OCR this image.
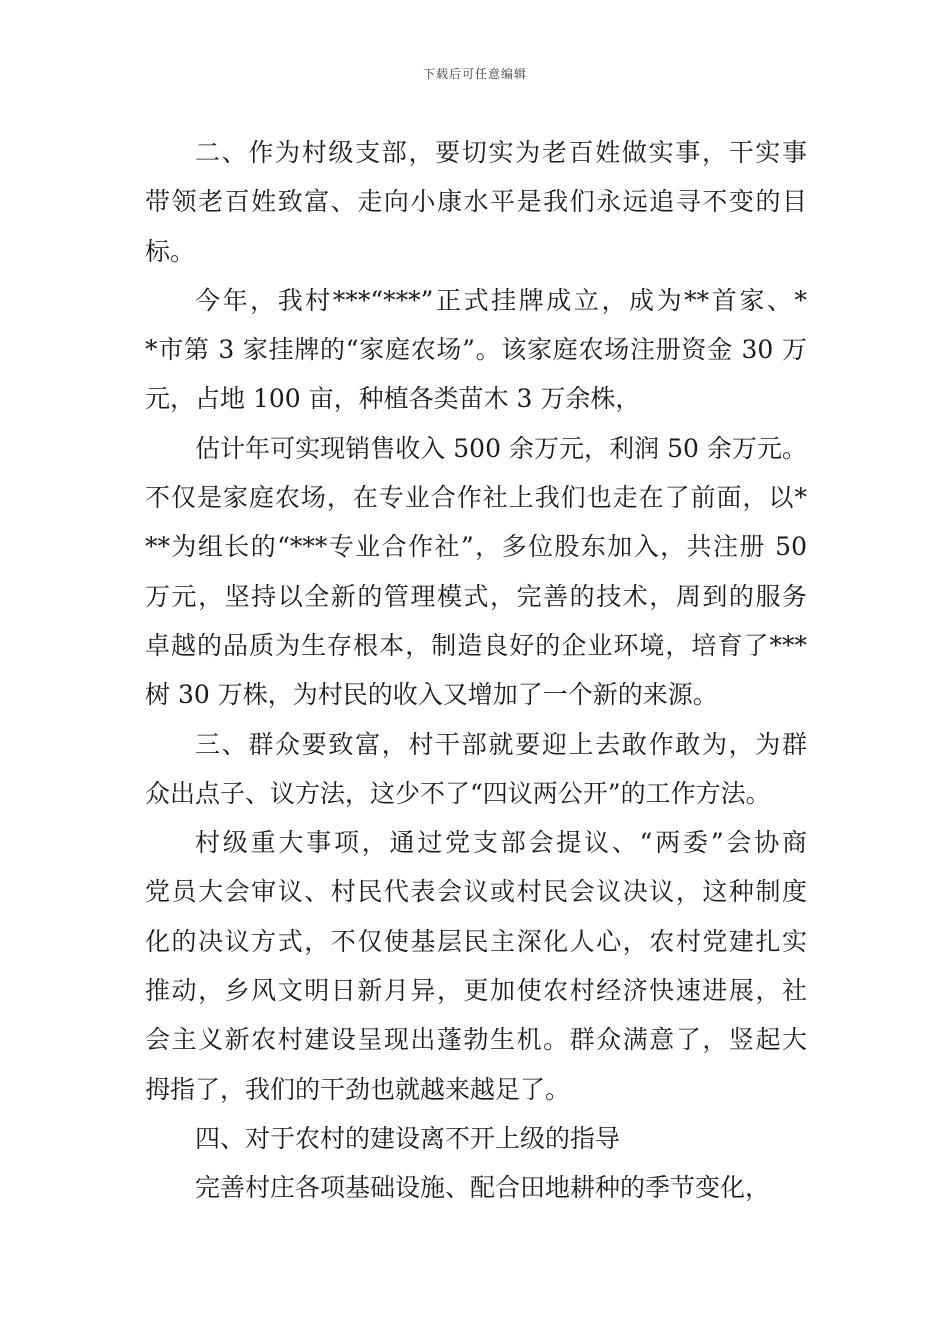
下载后可任意编辑
二、作为村级支部，要切实为老百姓做实事，干实事
带领老百姓致富、走向小康水平是我们永远追寻不变的目
标。
今年，我村***“***”正式挂牌成立，成为**首家、*
*市第 3 家挂牌的“家庭农场”。该家庭农场注册资金 30 万
元，占地 100 亩，种植各类苗木 3 万余株，
估计年可实现销售收入 500 余万元，利润 50 余万元。
不仅是家庭农场，在专业合作社上我们也走在了前面，以*
**为组长的“***专业合作社”，多位股东加入，共注册 50
万元，坚持以全新的管理模式，完善的技术，周到的服务
卓越的品质为生存根本，制造良好的企业环境，培育了***
树 30 万株，为村民的收入又增加了一个新的来源。
三、群众要致富，村干部就要迎上去敢作敢为，为群
众出点子、议方法，这少不了“四议两公开”的工作方法。
村级重大事项，通过党支部会提议、“两委”会协商
党员大会审议、村民代表会议或村民会议决议，这种制度
化的决议方式，不仅使基层民主深化人心，农村党建扎实
推动，乡风文明日新月异，更加使农村经济快速进展，社
会主义新农村建设呈现出蓬勃生机。群众满意了，竖起大
拇指了，我们的干劲也就越来越足了。
四、对于农村的建设离不开上级的指导
完善村庄各项基础设施、配合田地耕种的季节变化，
